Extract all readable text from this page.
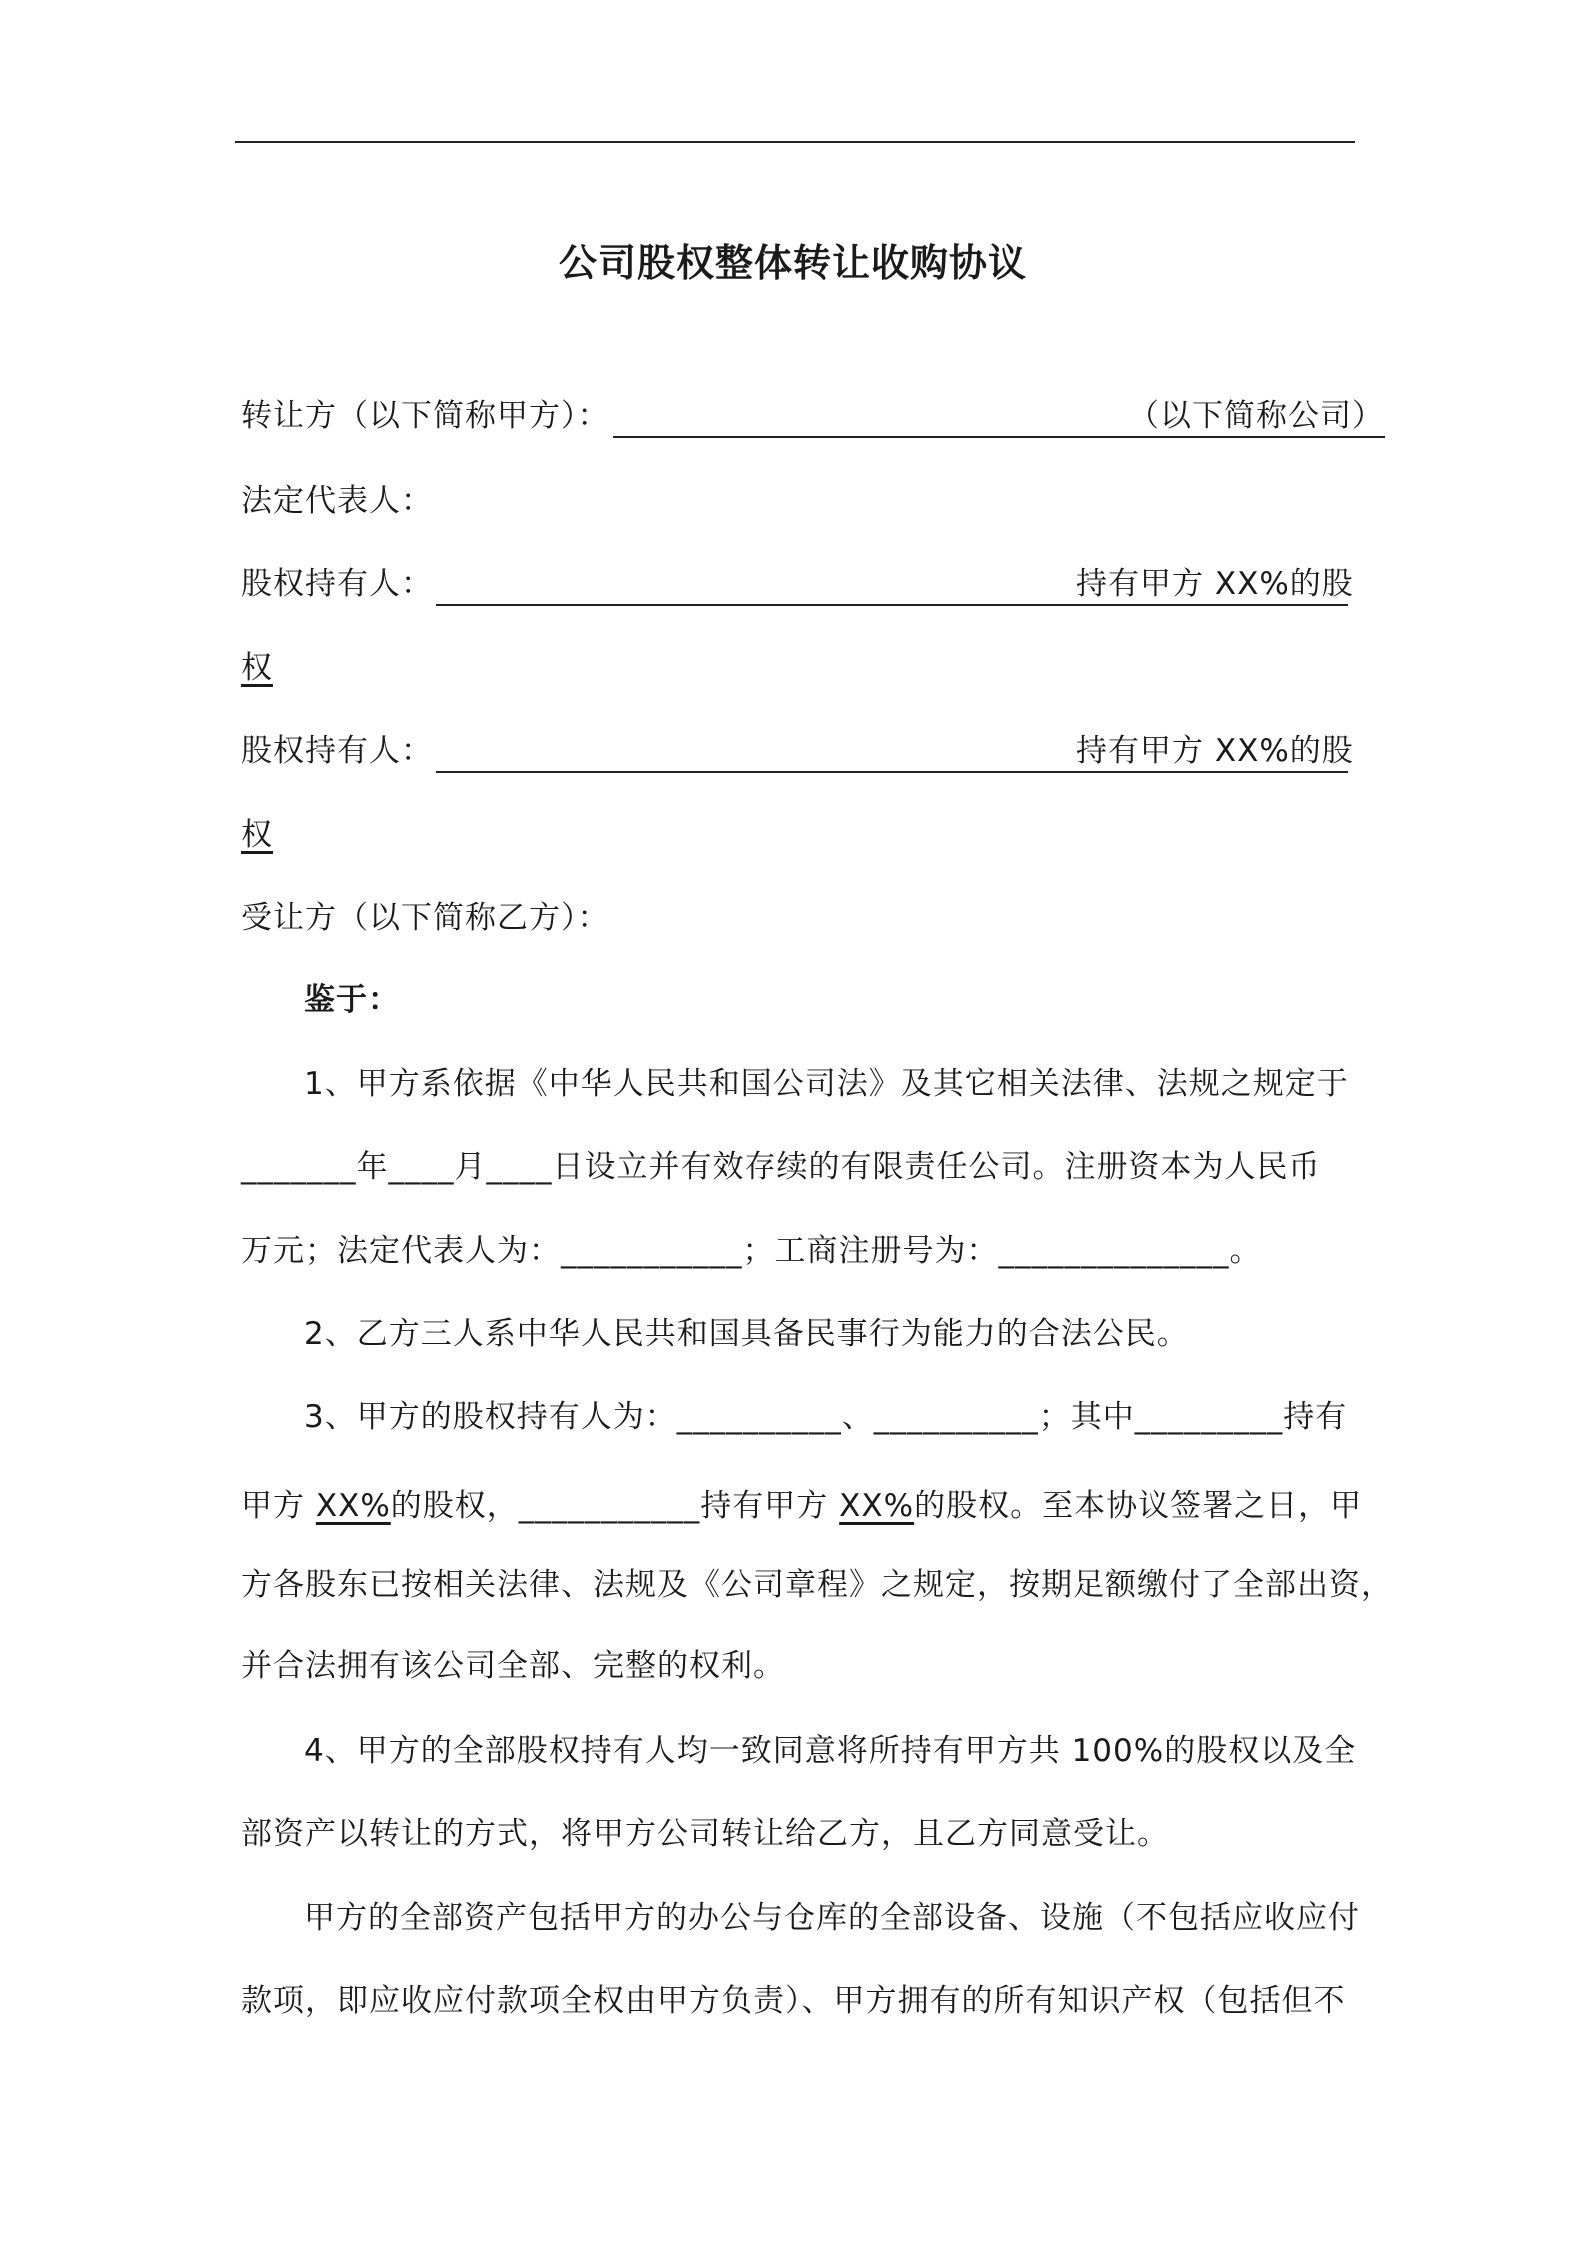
公司股权整体转让收购协议
转让方（以下简称甲方）：	（以下简称公司）
法定代表人：
股权持有人：	持有甲方 XX%的股
权
股权持有人：	持有甲方 XX%的股
权
受让方（以下简称乙方）：
鉴于：
1、甲方系依据《中华人民共和国公司法》及其它相关法律、法规之规定于
_______年____月____日设立并有效存续的有限责任公司。注册资本为人民币
万元；法定代表人为：___________；工商注册号为：______________。
2、乙方三人系中华人民共和国具备民事行为能力的合法公民。
3、甲方的股权持有人为：__________、__________；其中_________持有
甲方 XX%的股权，___________持有甲方 XX%的股权。至本协议签署之日，甲
方各股东已按相关法律、法规及《公司章程》之规定，按期足额缴付了全部出资，
并合法拥有该公司全部、完整的权利。
4、甲方的全部股权持有人均一致同意将所持有甲方共 100%的股权以及全
部资产以转让的方式，将甲方公司转让给乙方，且乙方同意受让。
甲方的全部资产包括甲方的办公与仓库的全部设备、设施（不包括应收应付
款项，即应收应付款项全权由甲方负责）、甲方拥有的所有知识产权（包括但不
